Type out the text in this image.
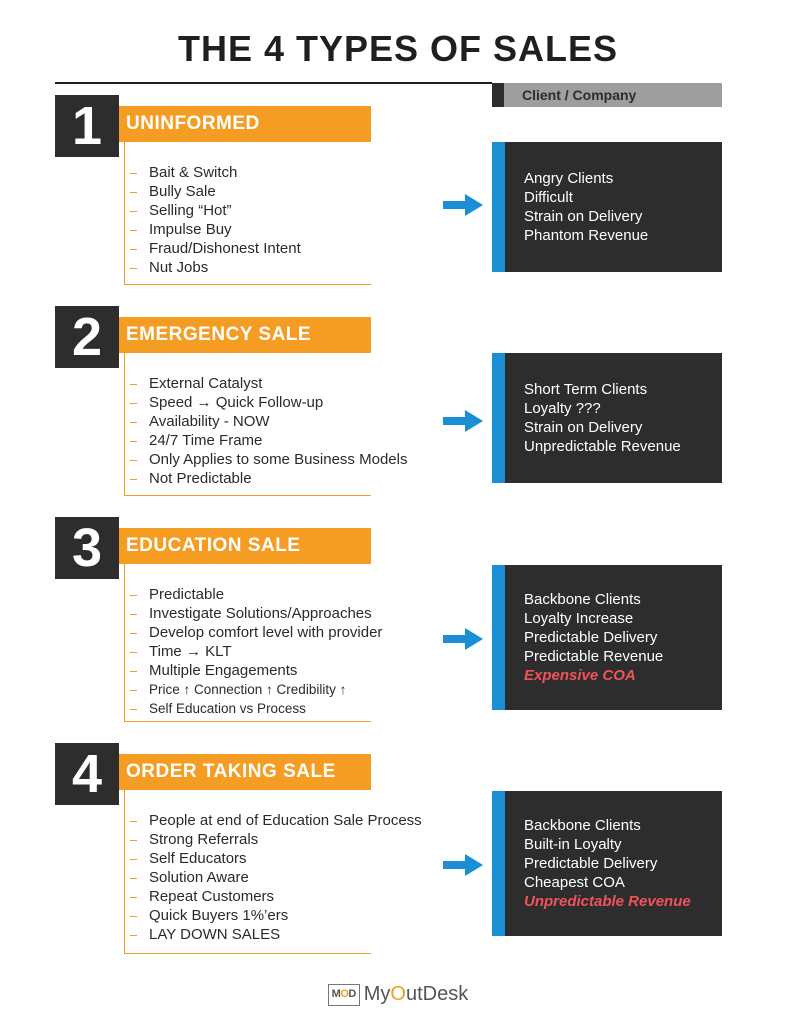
THE 4 TYPES OF SALES
Client / Company
1	UNINFORMED
Bait & Switch
Bully Sale
Selling “Hot”
Impulse Buy
Fraud/Dishonest Intent
Nut Jobs
Angry Clients
Difficult
Strain on Delivery
Phantom Revenue
2	EMERGENCY SALE
External Catalyst
Speed → Quick Follow-up
Availability - NOW
24/7 Time Frame
Only Applies to some Business Models
Not Predictable
Short Term Clients
Loyalty ???
Strain on Delivery
Unpredictable Revenue
3	EDUCATION SALE
Predictable
Investigate Solutions/Approaches
Develop comfort level with provider
Time → KLT
Multiple Engagements
Price ↑ Connection ↑ Credibility ↑
Self Education vs Process
Backbone Clients
Loyalty Increase
Predictable Delivery
Predictable Revenue
Expensive COA
4	ORDER TAKING SALE
People at end of Education Sale Process
Strong Referrals
Self Educators
Solution Aware
Repeat Customers
Quick Buyers 1%’ers
LAY DOWN SALES
Backbone Clients
Built-in Loyalty
Predictable Delivery
Cheapest COA
Unpredictable Revenue
MOD MyOutDesk
